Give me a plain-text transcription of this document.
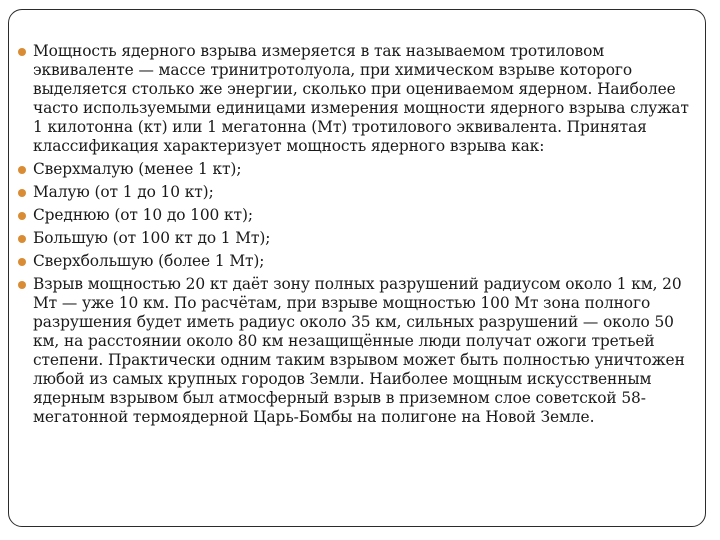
Мощность ядерного взрыва измеряется в так называемом тротиловом эквиваленте — массе тринитротолуола, при химическом взрыве которого выделяется столько же энергии, сколько при оцениваемом ядерном. Наиболее часто используемыми единицами измерения мощности ядерного взрыва служат 1 килотонна (кт) или 1 мегатонна (Мт) тротилового эквивалента. Принятая классификация характеризует мощность ядерного взрыва как:
Сверхмалую (менее 1 кт);
Малую (от 1 до 10 кт);
Среднюю (от 10 до 100 кт);
Большую (от 100 кт до 1 Мт);
Сверхбольшую (более 1 Мт);
Взрыв мощностью 20 кт даёт зону полных разрушений радиусом около 1 км, 20 Мт — уже 10 км. По расчётам, при взрыве мощностью 100 Мт зона полного разрушения будет иметь радиус около 35 км, сильных разрушений — около 50 км, на расстоянии около 80 км незащищённые люди получат ожоги третьей степени. Практически одним таким взрывом может быть полностью уничтожен любой из самых крупных городов Земли. Наиболее мощным искусственным ядерным взрывом был атмосферный взрыв в приземном слое советской 58-мегатонной термоядерной Царь-Бомбы на полигоне на Новой Земле.
